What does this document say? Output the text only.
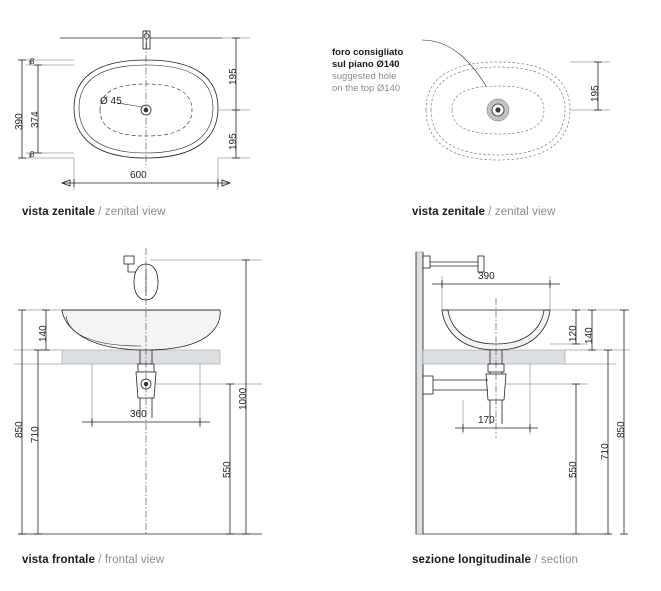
390 374
8
8
600
195
195
Ø 45
vista zenitale / zenital view
foro consigliato
sul piano Ø140
suggested hole
on the top Ø140	195
vista zenitale / zenital view
140
850 710
360
1000
550
vista frontale / frontal view
390
120 140
170
550
710
850
sezione longitudinale / section
